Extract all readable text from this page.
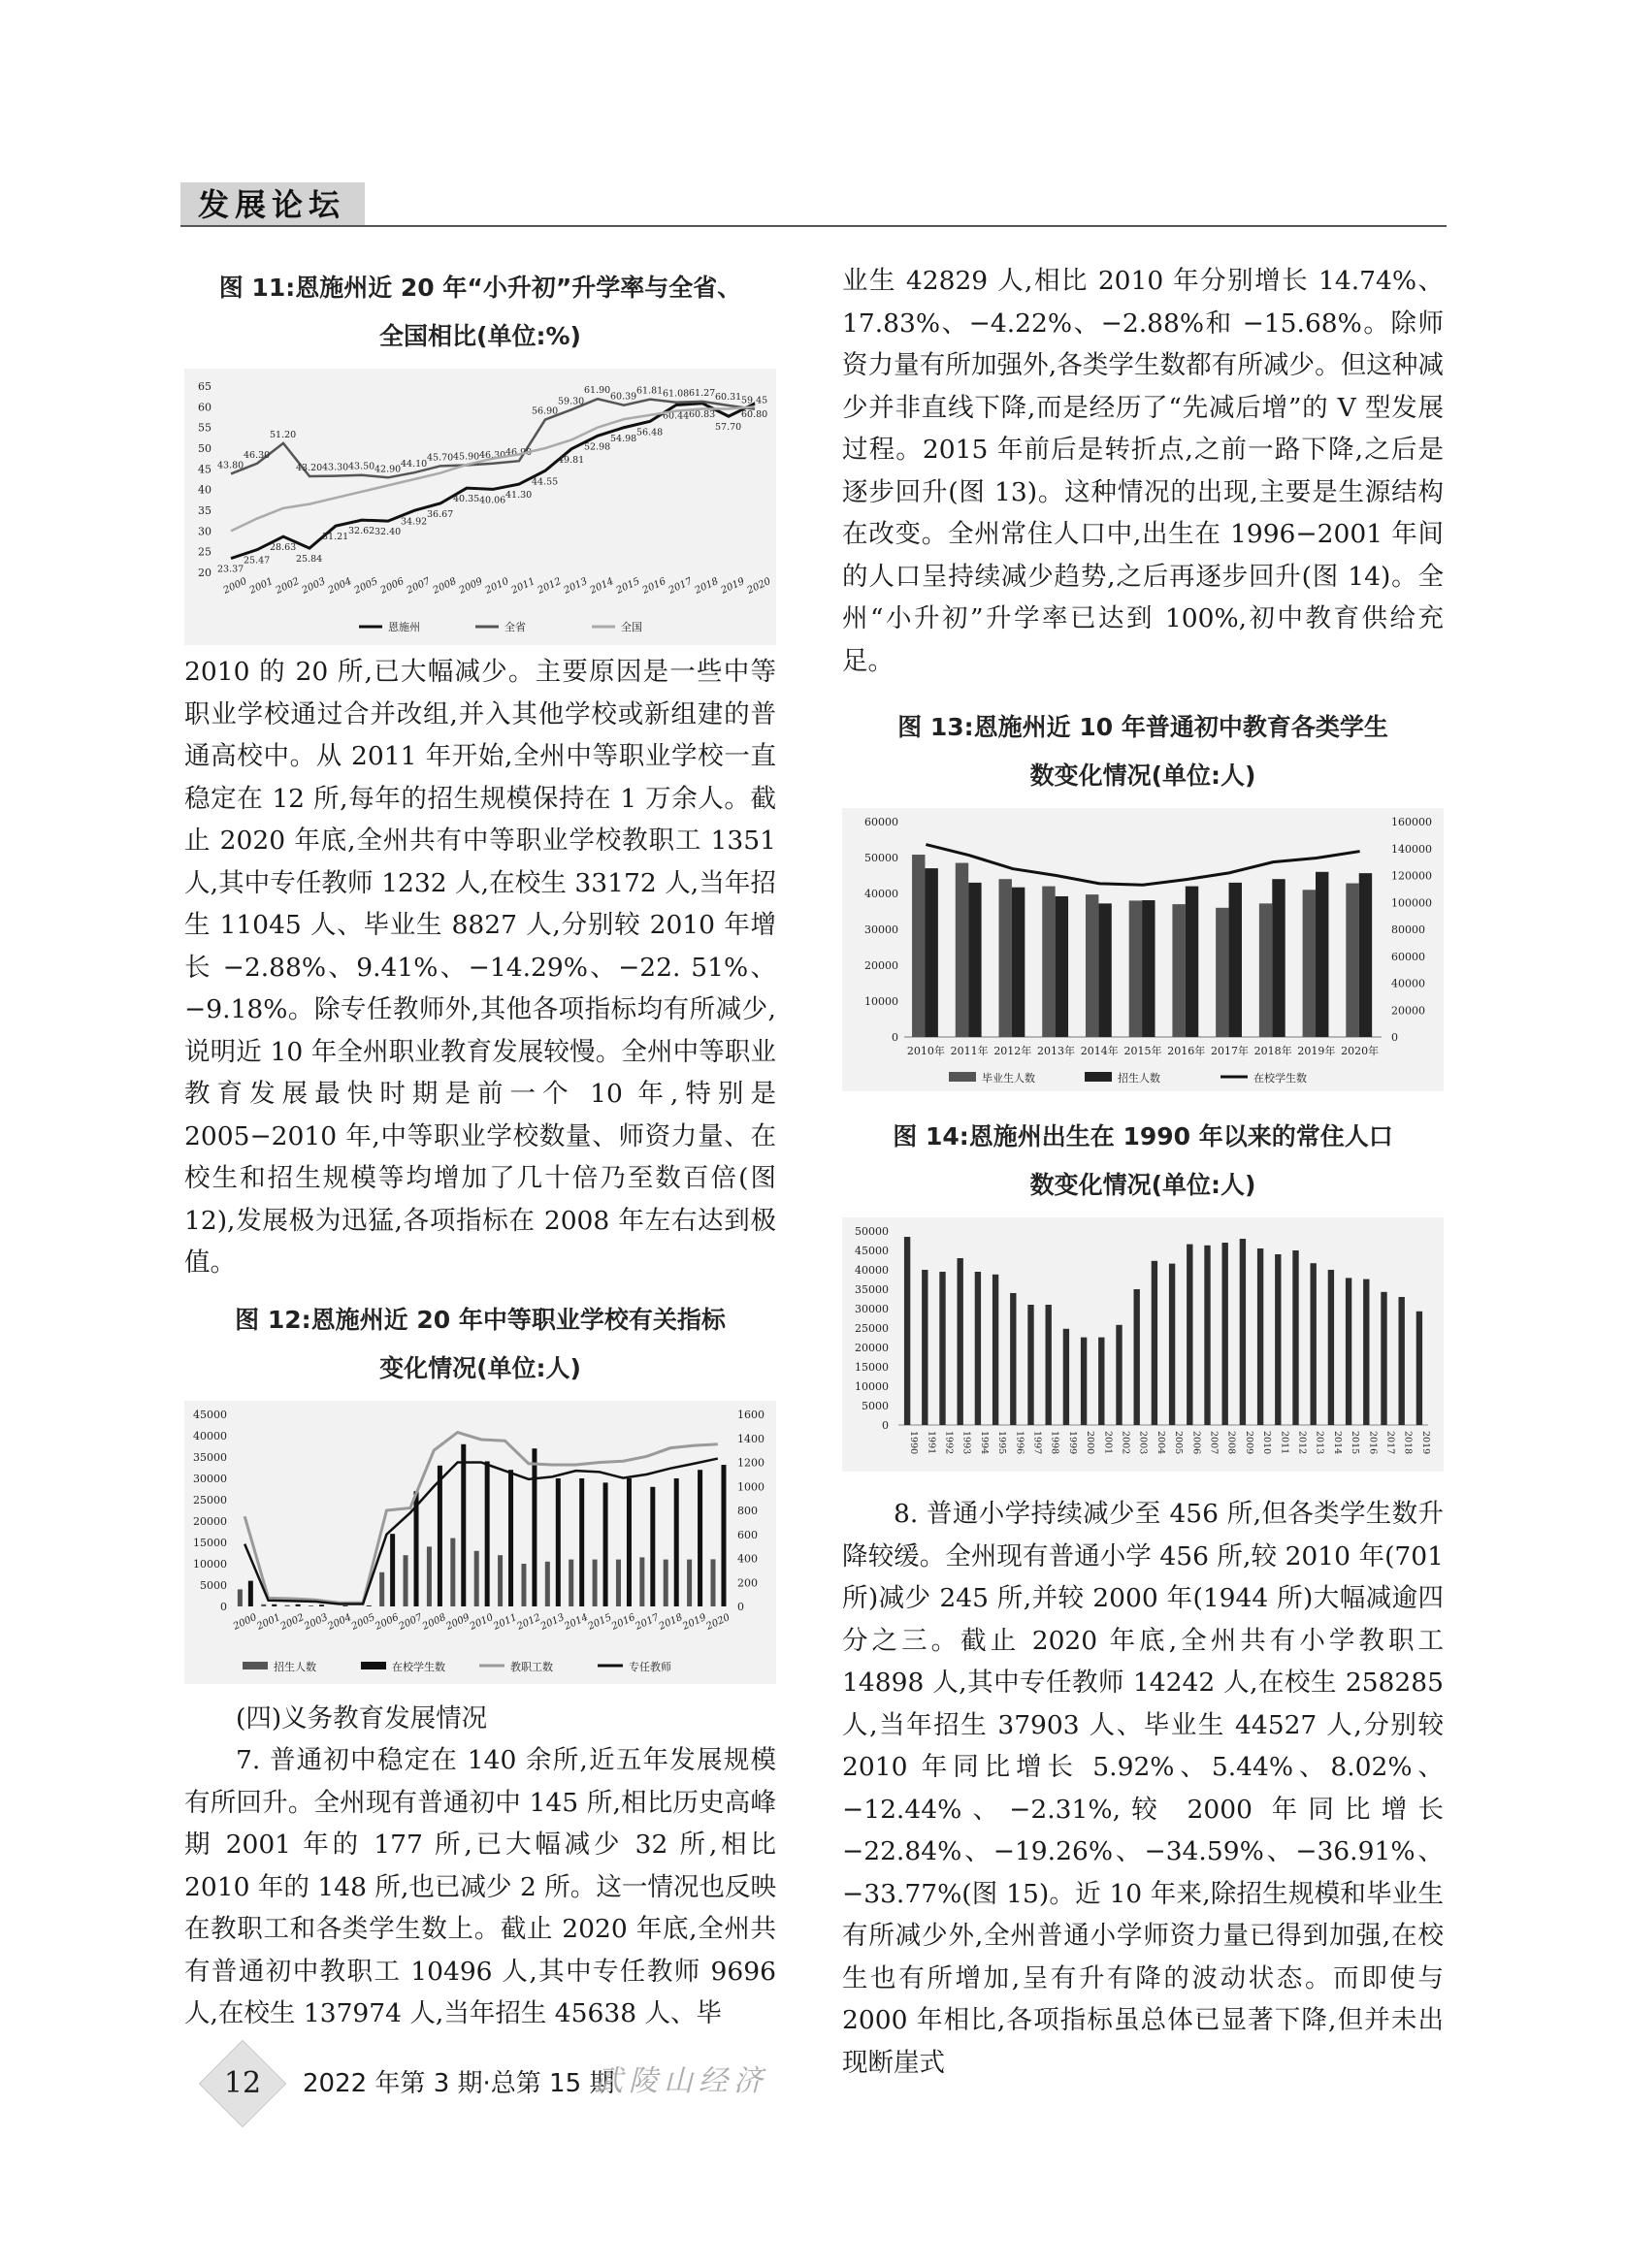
发展论坛
图 11:恩施州近 20 年“小升初”升学率与全省、
全国相比(单位:%)
20
25
30
35
40
45
50
55
60
65
2000 2001 2002 2003 2004 2005 2006 2007 2008 2009 2010 2011 2012 2013 2014 2015 2016 2017 2018 2019 2020
23.37
25.47
28.63
25.84
31.21
32.62 32.40
34.92
36.67
40.35 40.06 41.30
44.55
49.81
52.98
54.98
56.48
60.44 60.83
57.70
60.80
43.80
46.30
51.20
43.20 43.30 43.50 42.90 44.10
45.70 45.90 46.30 46.90
56.90
59.30
61.90
60.39
61.81 61.08 61.27 60.31 59.45
恩施州	全省	全国

2010 的 20 所,已大幅减少。主要原因是一些中等职业学校通过合并改组,并入其他学校或新组建的普通高校中。从 2011 年开始,全州中等职业学校一直稳定在 12 所,每年的招生规模保持在 1 万余人。截止 2020 年底,全州共有中等职业学校教职工 1351 人,其中专任教师 1232 人,在校生 33172 人,当年招生 11045 人、毕业生 8827 人,分别较 2010 年增长 −2.88%、9.41%、−14.29%、−22. 51%、−9.18%。除专任教师外,其他各项指标均有所减少,说明近 10 年全州职业教育发展较慢。全州中等职业教育发展最快时期是前一个 10 年,特别是 2005−2010 年,中等职业学校数量、师资力量、在校生和招生规模等均增加了几十倍乃至数百倍(图 12),发展极为迅猛,各项指标在 2008 年左右达到极值。

图 12:恩施州近 20 年中等职业学校有关指标
变化情况(单位:人)
0
5000
10000
15000
20000
25000
30000
35000
40000
45000
0
200
400
600
800
1000
1200
1400
1600
2000
2001
2002
2003
2004
2005
2006
2007
2008
2009
2010
2011
2012
2013
2014
2015
2016
2017
2018
2019
2020
招生人数	在校学生数	教职工数	专任教师

(四)义务教育发展情况

7. 普通初中稳定在 140 余所,近五年发展规模有所回升。全州现有普通初中 145 所,相比历史高峰期 2001 年的 177 所,已大幅减少 32 所,相比 2010 年的 148 所,也已减少 2 所。这一情况也反映在教职工和各类学生数上。截止 2020 年底,全州共有普通初中教职工 10496 人,其中专任教师 9696 人,在校生 137974 人,当年招生 45638 人、毕

业生 42829 人,相比 2010 年分别增长 14.74%、17.83%、−4.22%、−2.88%和 −15.68%。除师资力量有所加强外,各类学生数都有所减少。但这种减少并非直线下降,而是经历了“先减后增”的 V 型发展过程。2015 年前后是转折点,之前一路下降,之后是逐步回升(图 13)。这种情况的出现,主要是生源结构在改变。全州常住人口中,出生在 1996−2001 年间的人口呈持续减少趋势,之后再逐步回升(图 14)。全州“小升初”升学率已达到 100%,初中教育供给充足。

图 13:恩施州近 10 年普通初中教育各类学生
数变化情况(单位:人)
0
10000
20000
30000
40000
50000
60000
0
20000
40000
60000
80000
100000
120000
140000
160000
2010年 2011年 2012年 2013年 2014年 2015年 2016年 2017年 2018年 2019年 2020年
毕业生人数	招生人数	在校学生数
图 14:恩施州出生在 1990 年以来的常住人口
数变化情况(单位:人)
0
5000
10000
15000
20000
25000
30000
35000
40000
45000
50000
1990 1991 1992 1993 1994 1995 1996 1997 1998 1999 2000 2001 2002 2003 2004 2005 2006 2007 2008 2009 2010 2011 2012 2013 2014 2015 2016 2017 2018 2019

8. 普通小学持续减少至 456 所,但各类学生数升降较缓。全州现有普通小学 456 所,较 2010 年(701 所)减少 245 所,并较 2000 年(1944 所)大幅减逾四分之三。截止 2020 年底,全州共有小学教职工 14898 人,其中专任教师 14242 人,在校生 258285 人,当年招生 37903 人、毕业生 44527 人,分别较 2010 年同比增长 5.92%、5.44%、8.02%、−12.44%、−2.31%,较 2000 年同比增长 −22.84%、−19.26%、−34.59%、−36.91%、−33.77%(图 15)。近 10 年来,除招生规模和毕业生有所减少外,全州普通小学师资力量已得到加强,在校生也有所增加,呈有升有降的波动状态。而即使与 2000 年相比,各项指标虽总体已显著下降,但并未出现断崖式

12	2022 年第 3 期·总第 15 期
武陵山经济
